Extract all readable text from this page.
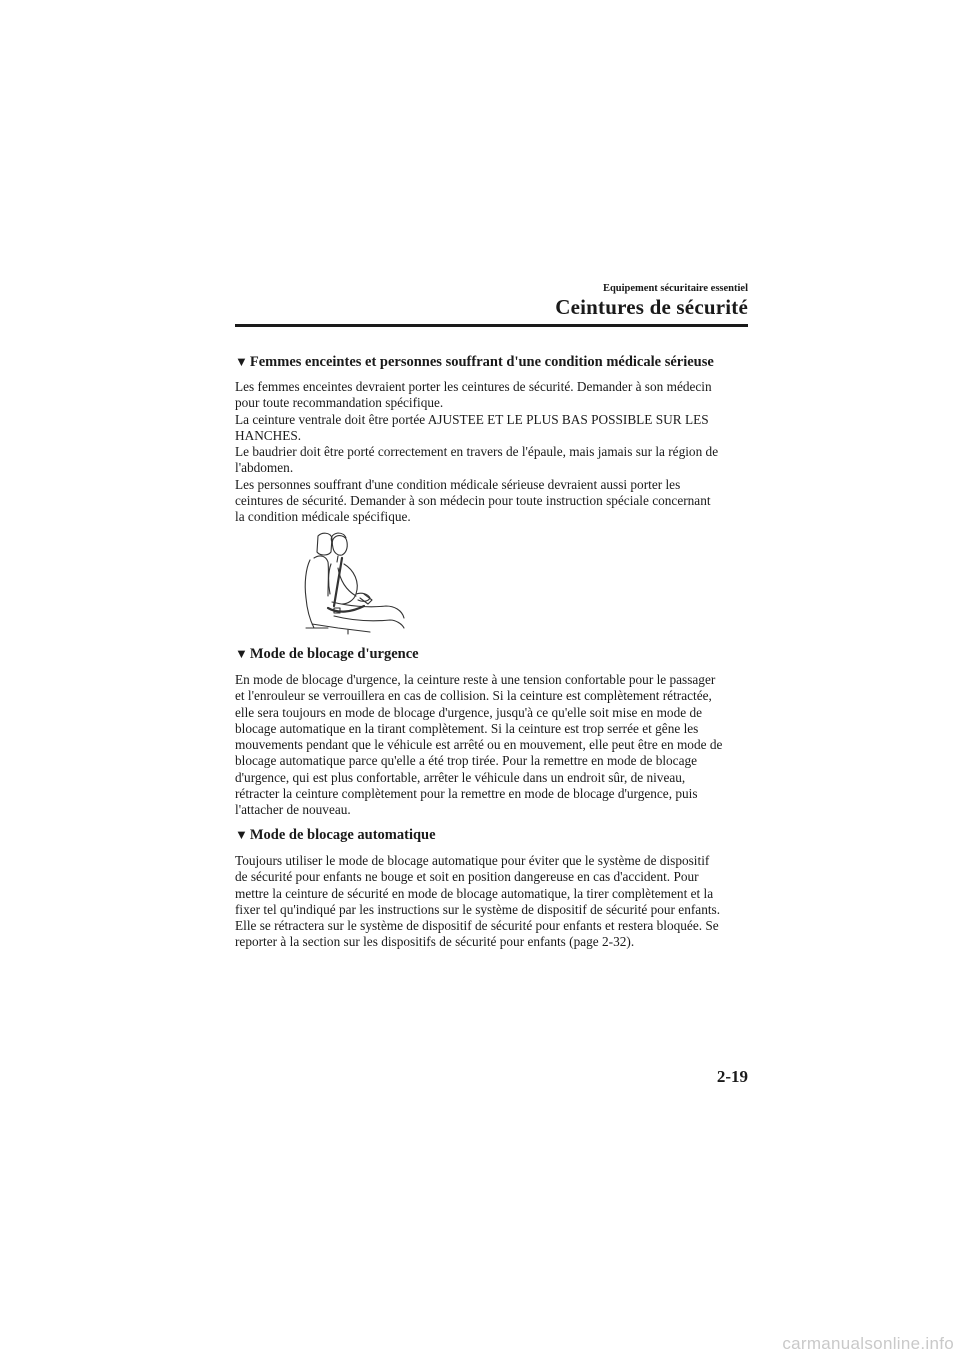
Equipement sécuritaire essentiel
Ceintures de sécurité
▼ Femmes enceintes et personnes souffrant d'une condition médicale sérieuse

Les femmes enceintes devraient porter les ceintures de sécurité. Demander à son médecin

pour toute recommandation spécifique.

La ceinture ventrale doit être portée AJUSTEE ET LE PLUS BAS POSSIBLE SUR LES

HANCHES.

Le baudrier doit être porté correctement en travers de l'épaule, mais jamais sur la région de

l'abdomen.

Les personnes souffrant d'une condition médicale sérieuse devraient aussi porter les

ceintures de sécurité. Demander à son médecin pour toute instruction spéciale concernant

la condition médicale spécifique.

▼ Mode de blocage d'urgence

En mode de blocage d'urgence, la ceinture reste à une tension confortable pour le passager

et l'enrouleur se verrouillera en cas de collision. Si la ceinture est complètement rétractée,

elle sera toujours en mode de blocage d'urgence, jusqu'à ce qu'elle soit mise en mode de

blocage automatique en la tirant complètement. Si la ceinture est trop serrée et gêne les

mouvements pendant que le véhicule est arrêté ou en mouvement, elle peut être en mode de

blocage automatique parce qu'elle a été trop tirée. Pour la remettre en mode de blocage

d'urgence, qui est plus confortable, arrêter le véhicule dans un endroit sûr, de niveau,

rétracter la ceinture complètement pour la remettre en mode de blocage d'urgence, puis

l'attacher de nouveau.

▼ Mode de blocage automatique

Toujours utiliser le mode de blocage automatique pour éviter que le système de dispositif

de sécurité pour enfants ne bouge et soit en position dangereuse en cas d'accident. Pour

mettre la ceinture de sécurité en mode de blocage automatique, la tirer complètement et la

fixer tel qu'indiqué par les instructions sur le système de dispositif de sécurité pour enfants.

Elle se rétractera sur le système de dispositif de sécurité pour enfants et restera bloquée. Se

reporter à la section sur les dispositifs de sécurité pour enfants (page 2-32).

2-19
carmanualsonline.info
